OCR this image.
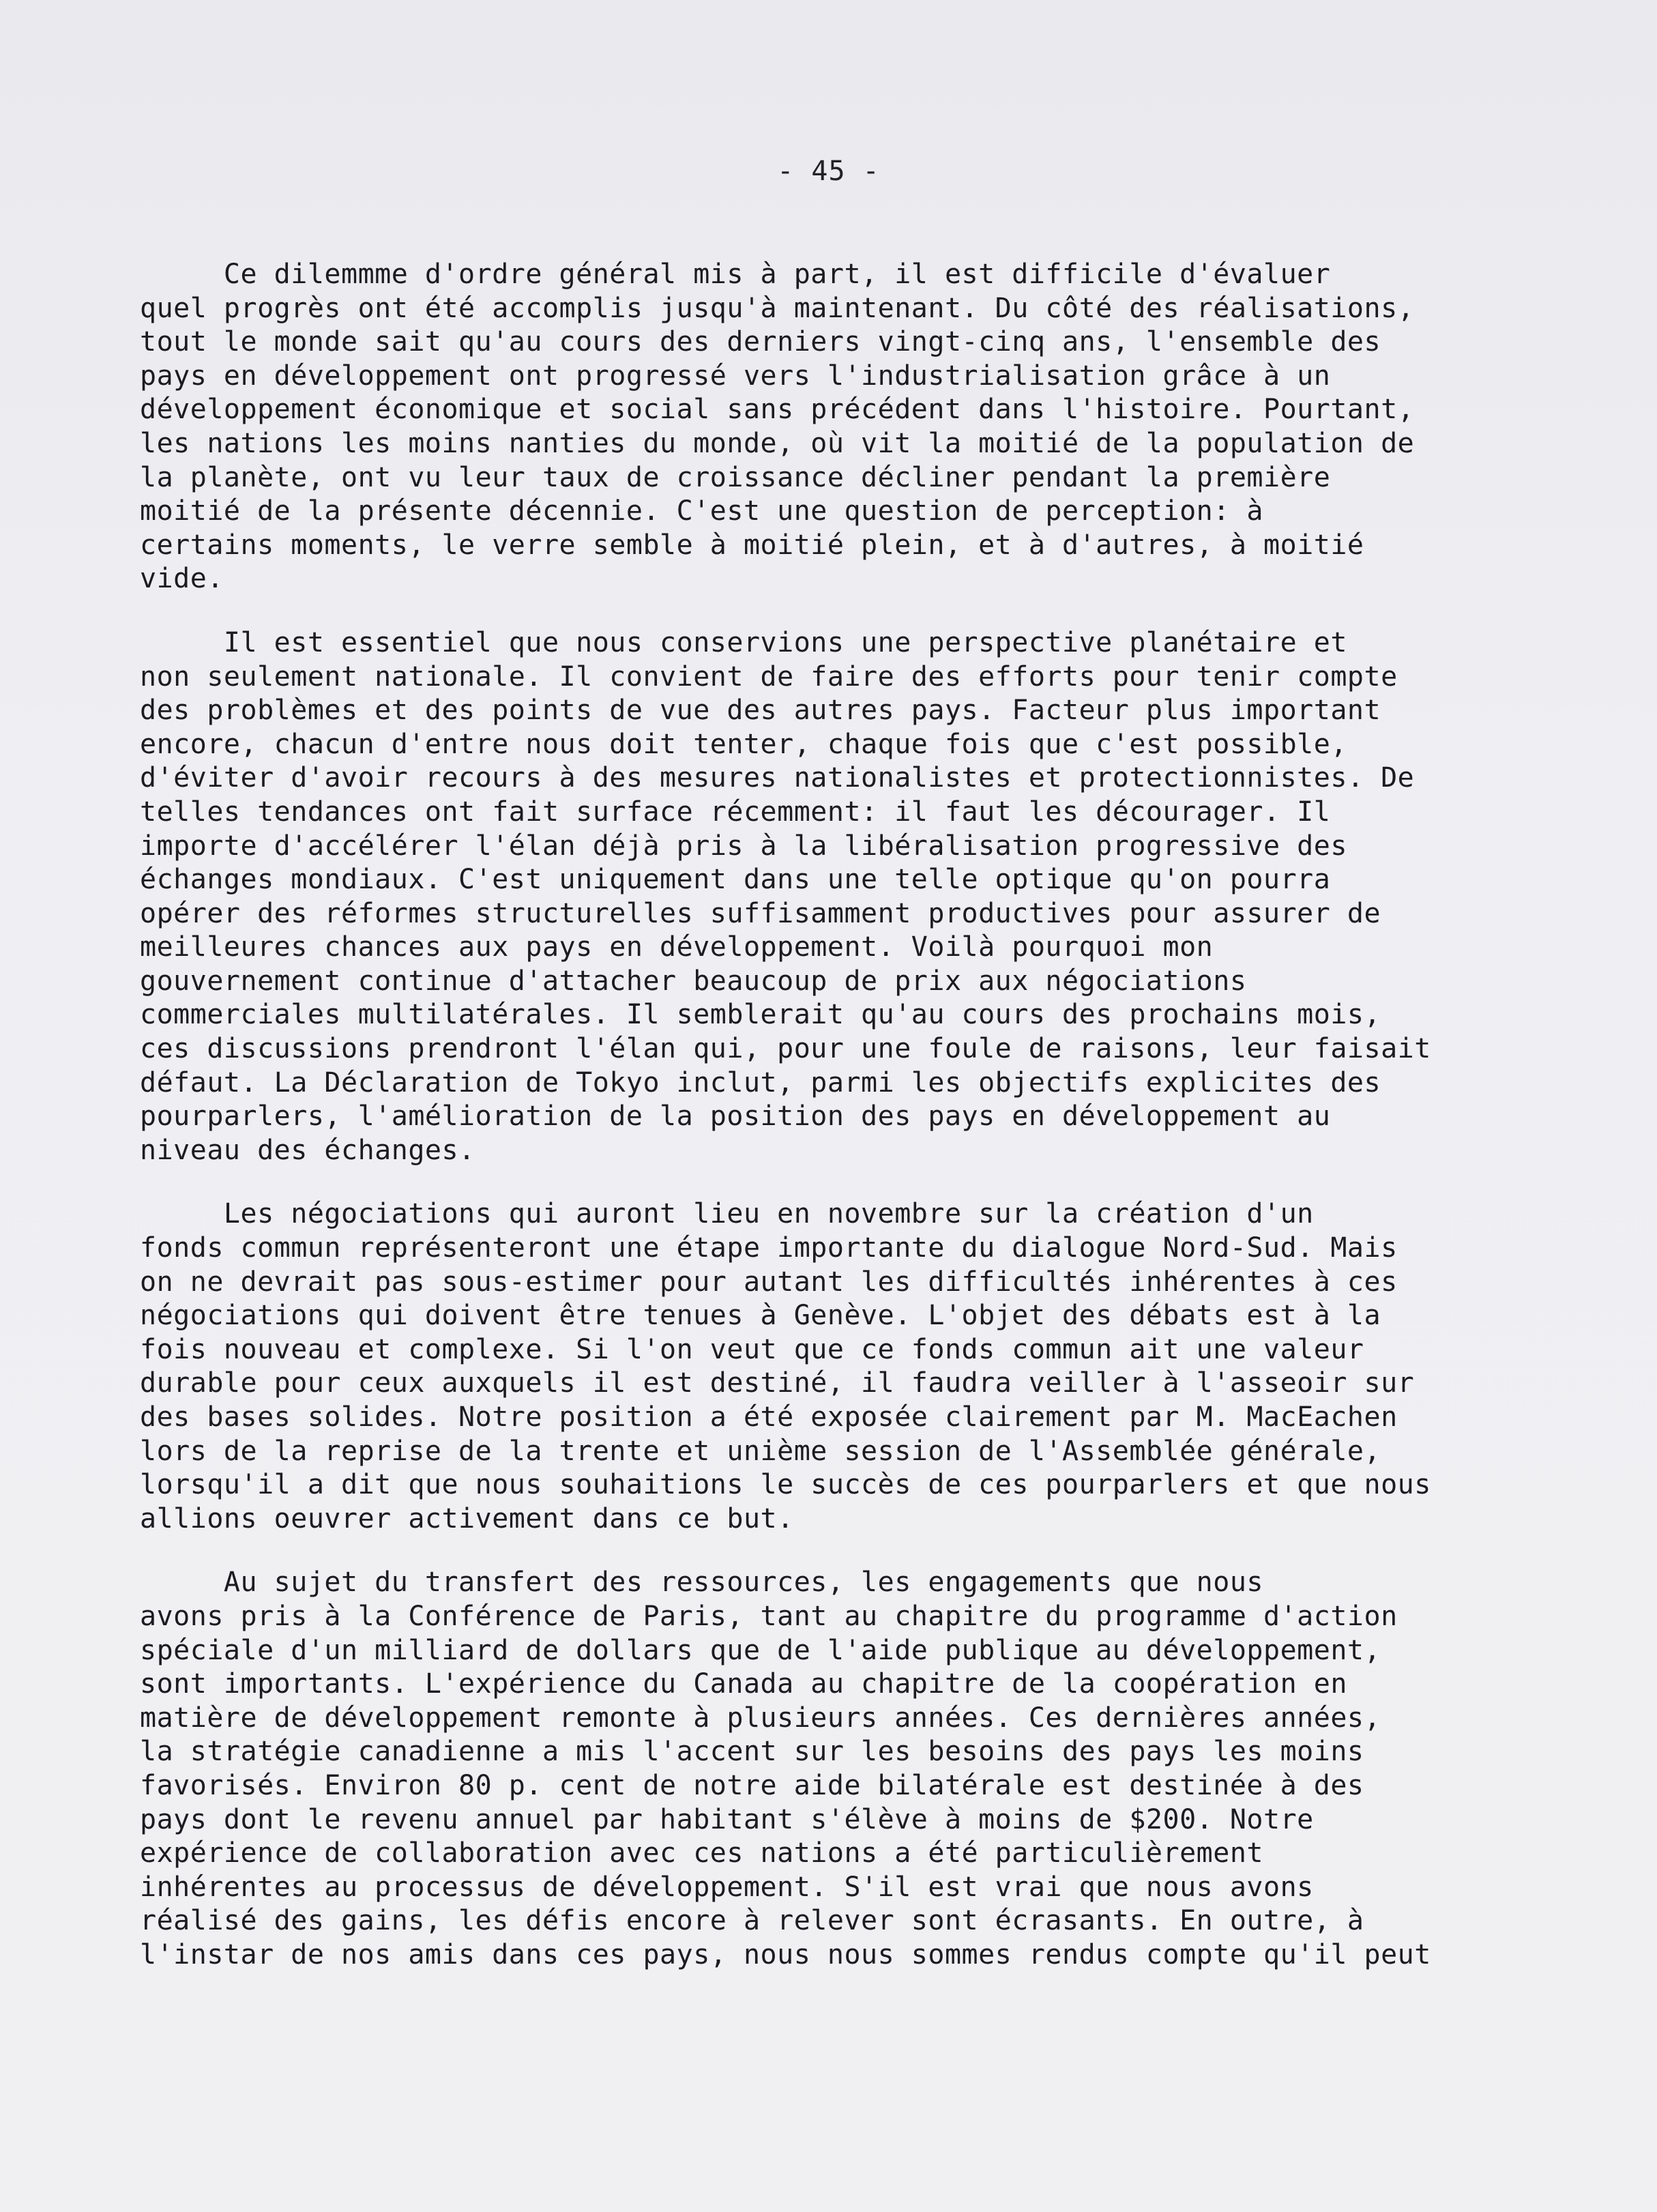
- 45 -
Ce dilemmme d'ordre général mis à part, il est difficile d'évaluer
quel progrès ont été accomplis jusqu'à maintenant. Du côté des réalisations,
tout le monde sait qu'au cours des derniers vingt-cinq ans, l'ensemble des
pays en développement ont progressé vers l'industrialisation grâce à un
développement économique et social sans précédent dans l'histoire. Pourtant,
les nations les moins nanties du monde, où vit la moitié de la population de
la planète, ont vu leur taux de croissance décliner pendant la première
moitié de la présente décennie. C'est une question de perception: à
certains moments, le verre semble à moitié plein, et à d'autres, à moitié
vide.
Il est essentiel que nous conservions une perspective planétaire et
non seulement nationale. Il convient de faire des efforts pour tenir compte
des problèmes et des points de vue des autres pays. Facteur plus important
encore, chacun d'entre nous doit tenter, chaque fois que c'est possible,
d'éviter d'avoir recours à des mesures nationalistes et protectionnistes. De
telles tendances ont fait surface récemment: il faut les décourager. Il
importe d'accélérer l'élan déjà pris à la libéralisation progressive des
échanges mondiaux. C'est uniquement dans une telle optique qu'on pourra
opérer des réformes structurelles suffisamment productives pour assurer de
meilleures chances aux pays en développement. Voilà pourquoi mon
gouvernement continue d'attacher beaucoup de prix aux négociations
commerciales multilatérales. Il semblerait qu'au cours des prochains mois,
ces discussions prendront l'élan qui, pour une foule de raisons, leur faisait
défaut. La Déclaration de Tokyo inclut, parmi les objectifs explicites des
pourparlers, l'amélioration de la position des pays en développement au
niveau des échanges.
Les négociations qui auront lieu en novembre sur la création d'un
fonds commun représenteront une étape importante du dialogue Nord-Sud. Mais
on ne devrait pas sous-estimer pour autant les difficultés inhérentes à ces
négociations qui doivent être tenues à Genève. L'objet des débats est à la
fois nouveau et complexe. Si l'on veut que ce fonds commun ait une valeur
durable pour ceux auxquels il est destiné, il faudra veiller à l'asseoir sur
des bases solides. Notre position a été exposée clairement par M. MacEachen
lors de la reprise de la trente et unième session de l'Assemblée générale,
lorsqu'il a dit que nous souhaitions le succès de ces pourparlers et que nous
allions oeuvrer activement dans ce but.
Au sujet du transfert des ressources, les engagements que nous
avons pris à la Conférence de Paris, tant au chapitre du programme d'action
spéciale d'un milliard de dollars que de l'aide publique au développement,
sont importants. L'expérience du Canada au chapitre de la coopération en
matière de développement remonte à plusieurs années. Ces dernières années,
la stratégie canadienne a mis l'accent sur les besoins des pays les moins
favorisés. Environ 80 p. cent de notre aide bilatérale est destinée à des
pays dont le revenu annuel par habitant s'élève à moins de $200. Notre
expérience de collaboration avec ces nations a été particulièrement
inhérentes au processus de développement. S'il est vrai que nous avons
réalisé des gains, les défis encore à relever sont écrasants. En outre, à
l'instar de nos amis dans ces pays, nous nous sommes rendus compte qu'il peut
